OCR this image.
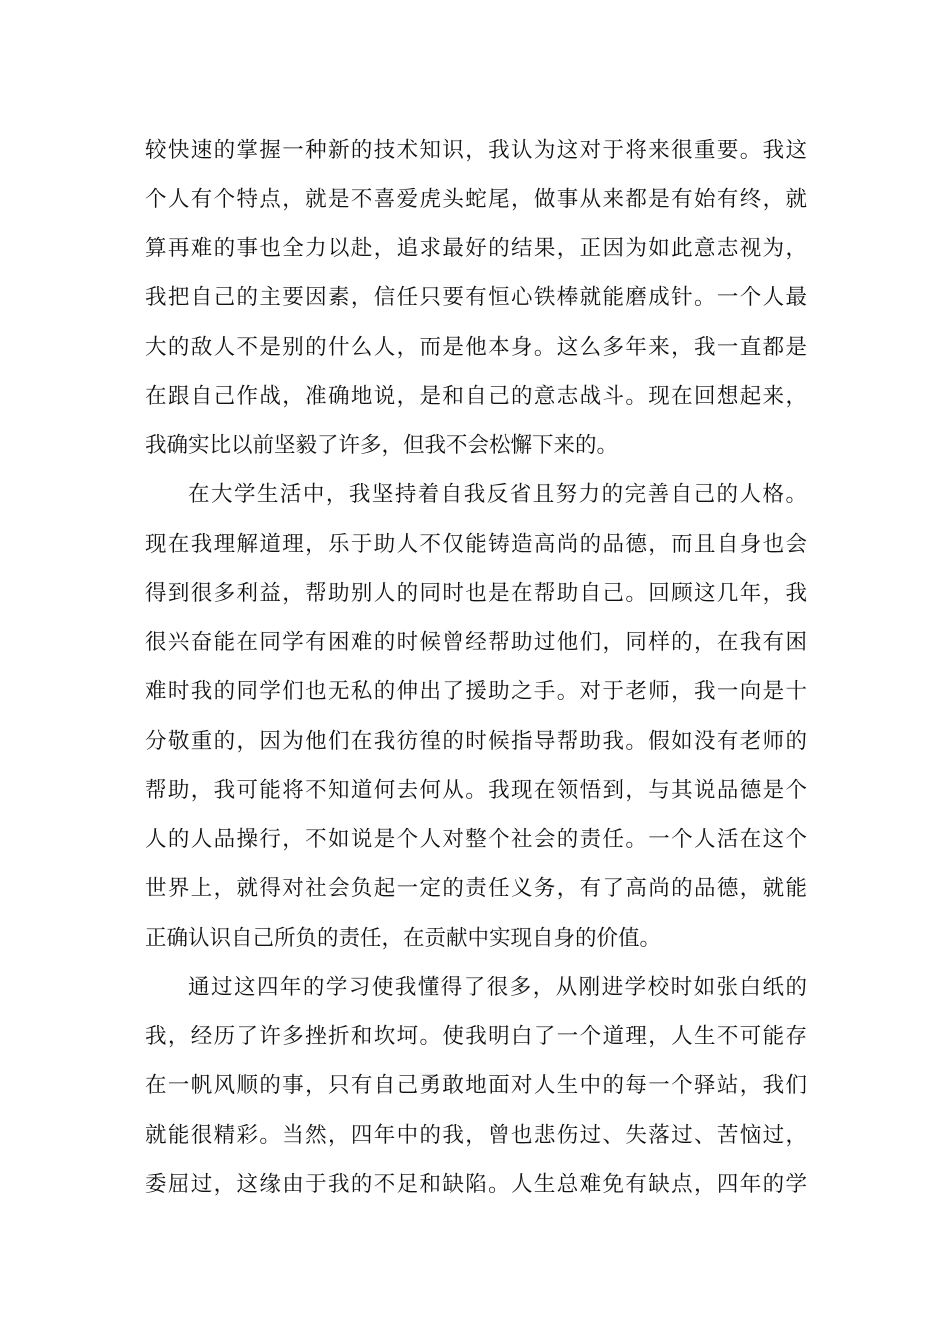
较快速的掌握一种新的技术知识，我认为这对于将来很重要。我这
个人有个特点，就是不喜爱虎头蛇尾，做事从来都是有始有终，就
算再难的事也全力以赴，追求最好的结果，正因为如此意志视为，
我把自己的主要因素，信任只要有恒心铁棒就能磨成针。一个人最
大的敌人不是别的什么人，而是他本身。这么多年来，我一直都是
在跟自己作战，准确地说，是和自己的意志战斗。现在回想起来，
我确实比以前坚毅了许多，但我不会松懈下来的。
在大学生活中，我坚持着自我反省且努力的完善自己的人格。
现在我理解道理，乐于助人不仅能铸造高尚的品德，而且自身也会
得到很多利益，帮助别人的同时也是在帮助自己。回顾这几年，我
很兴奋能在同学有困难的时候曾经帮助过他们，同样的，在我有困
难时我的同学们也无私的伸出了援助之手。对于老师，我一向是十
分敬重的，因为他们在我彷徨的时候指导帮助我。假如没有老师的
帮助，我可能将不知道何去何从。我现在领悟到，与其说品德是个
人的人品操行，不如说是个人对整个社会的责任。一个人活在这个
世界上，就得对社会负起一定的责任义务，有了高尚的品德，就能
正确认识自己所负的责任，在贡献中实现自身的价值。
通过这四年的学习使我懂得了很多，从刚进学校时如张白纸的
我，经历了许多挫折和坎坷。使我明白了一个道理，人生不可能存
在一帆风顺的事，只有自己勇敢地面对人生中的每一个驿站，我们
就能很精彩。当然，四年中的我，曾也悲伤过、失落过、苦恼过，
委屈过，这缘由于我的不足和缺陷。人生总难免有缺点，四年的学
